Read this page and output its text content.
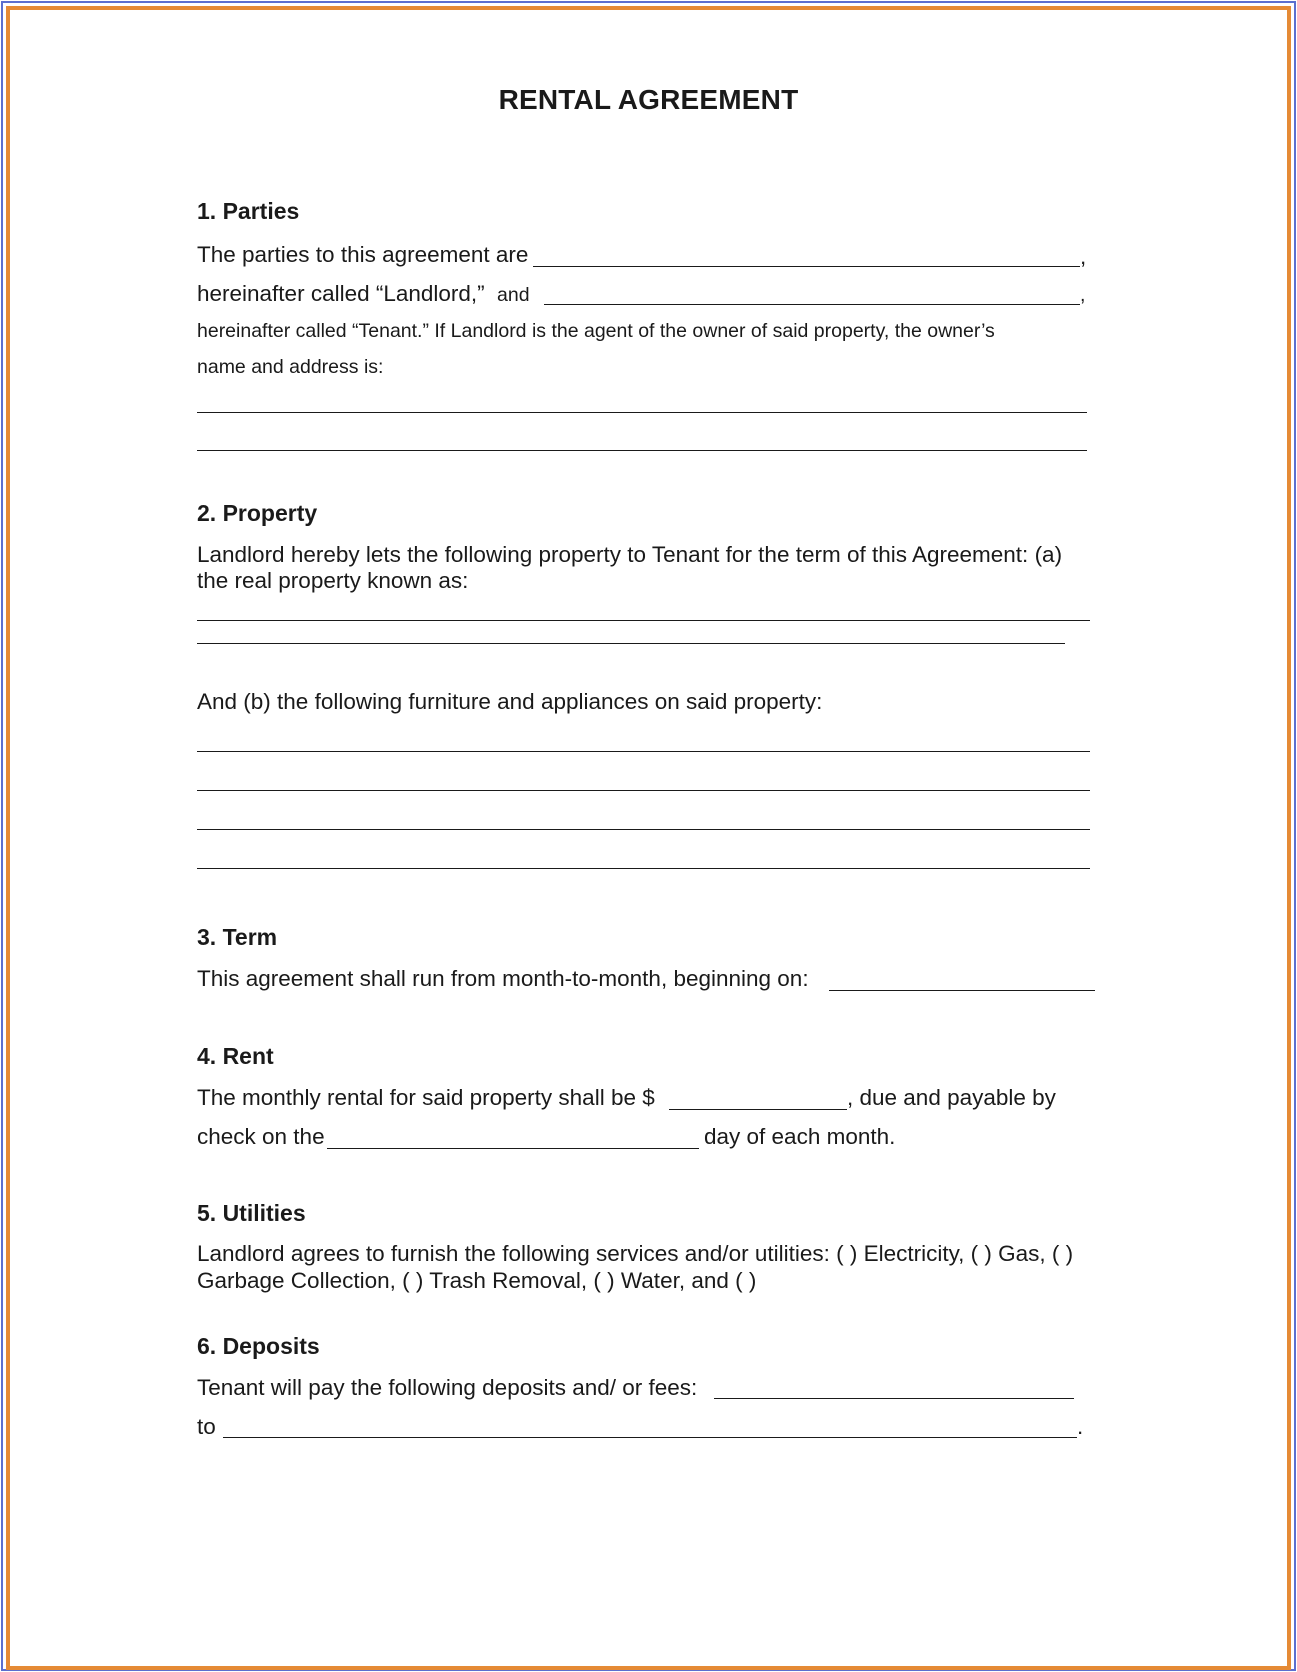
RENTAL AGREEMENT
1. Parties
The parties to this agreement are	,
hereinafter called “Landlord,” and	,
hereinafter called “Tenant.” If Landlord is the agent of the owner of said property, the owner’s
name and address is:
2. Property
Landlord hereby lets the following property to Tenant for the term of this Agreement: (a)
the real property known as:
And (b) the following furniture and appliances on said property:
3. Term
This agreement shall run from month-to-month, beginning on:
4. Rent
The monthly rental for said property shall be $	, due and payable by
check on the	day of each month.
5. Utilities
Landlord agrees to furnish the following services and/or utilities: ( ) Electricity, ( ) Gas, ( )
Garbage Collection, ( ) Trash Removal, ( ) Water, and ( )
6. Deposits
Tenant will pay the following deposits and/ or fees:
to	.
